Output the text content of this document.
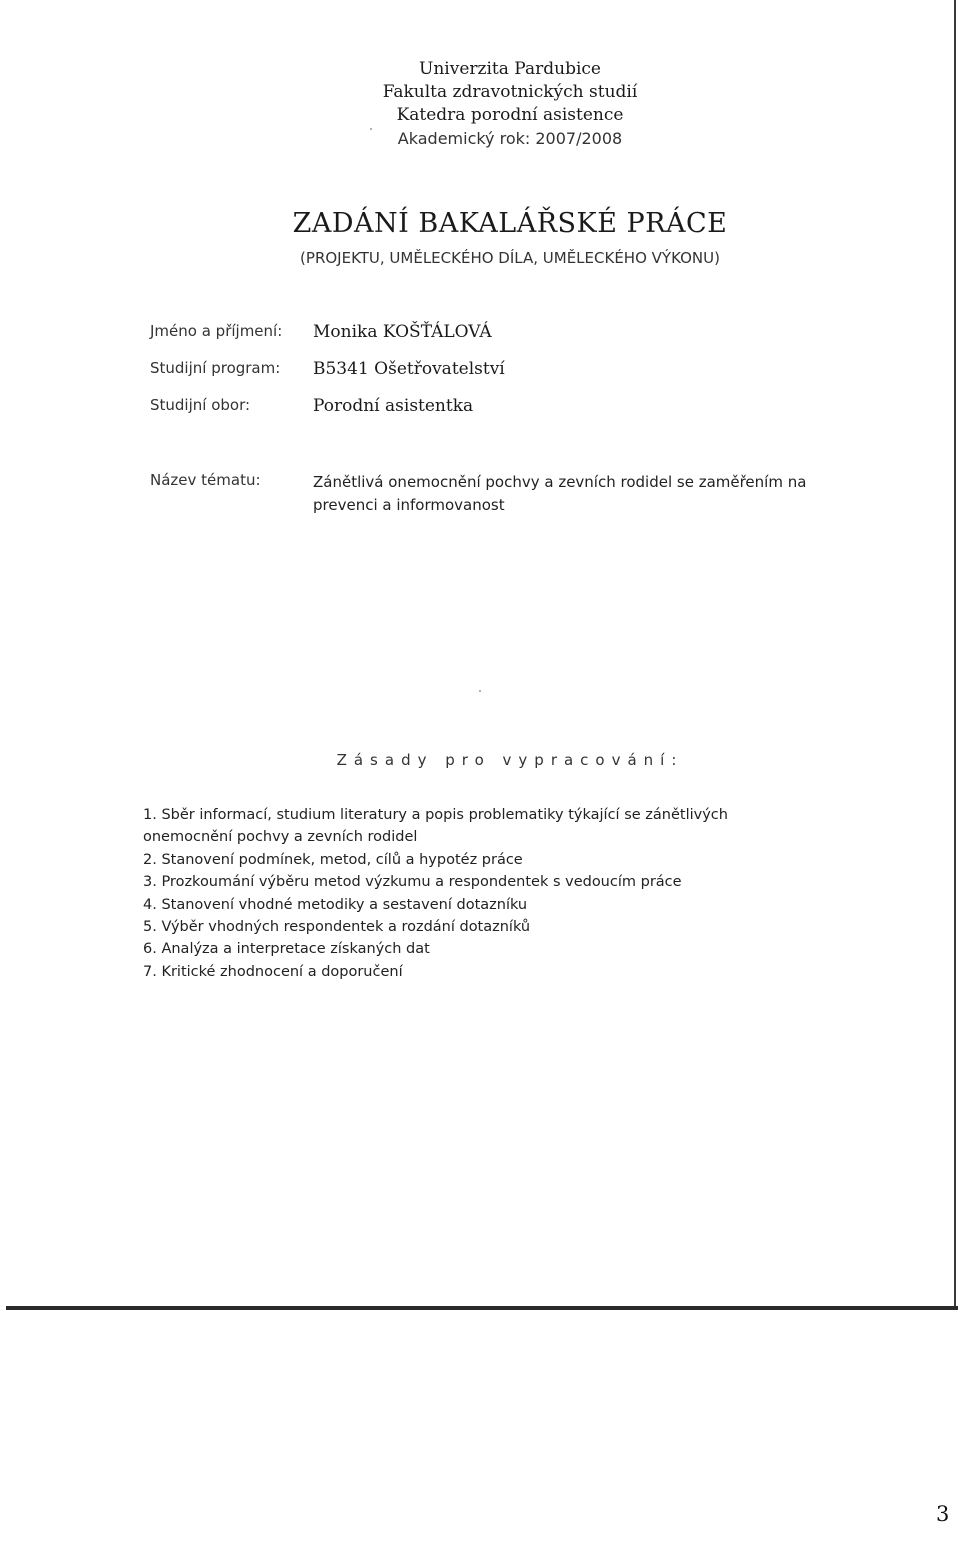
Univerzita Pardubice
Fakulta zdravotnických studií
Katedra porodní asistence
Akademický rok: 2007/2008
ZADÁNÍ BAKALÁŘSKÉ PRÁCE
(PROJEKTU, UMĚLECKÉHO DÍLA, UMĚLECKÉHO VÝKONU)
Jméno a příjmení: Monika KOŠŤÁLOVÁ
Studijní program: B5341 Ošetřovatelství
Studijní obor:	Porodní asistentka
Název tématu:	Zánětlivá onemocnění pochvy a zevních rodidel se zaměřením na prevenci a informovanost
Zásady pro vypracování:
1. Sběr informací, studium literatury a popis problematiky týkající se zánětlivých onemocnění pochvy a zevních rodidel
2. Stanovení podmínek, metod, cílů a hypotéz práce
3. Prozkoumání výběru metod výzkumu a respondentek s vedoucím práce
4. Stanovení vhodné metodiky a sestavení dotazníku
5. Výběr vhodných respondentek a rozdání dotazníků
6. Analýza a interpretace získaných dat
7. Kritické zhodnocení a doporučení
3
